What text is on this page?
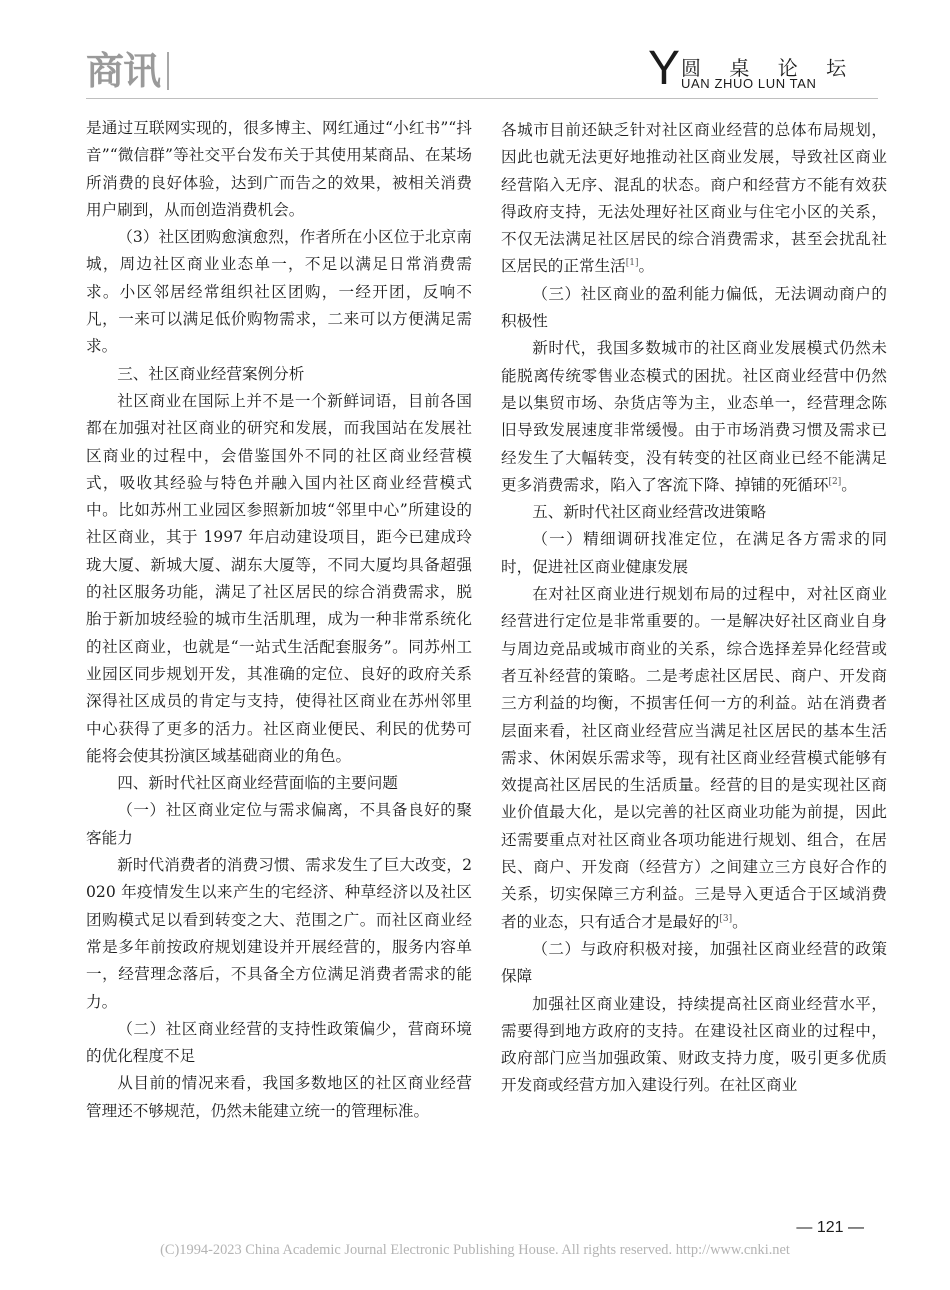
商讯	Y 圆 桌 论 坛
UAN ZHUO LUN TAN

是通过互联网实现的，很多博主、网红通过“小红书”“抖音”“微信群”等社交平台发布关于其使用某商品、在某场所消费的良好体验，达到广而告之的效果，被相关消费用户刷到，从而创造消费机会。

（3）社区团购愈演愈烈，作者所在小区位于北京南城，周边社区商业业态单一，不足以满足日常消费需求。小区邻居经常组织社区团购，一经开团，反响不凡，一来可以满足低价购物需求，二来可以方便满足需求。

三、社区商业经营案例分析

社区商业在国际上并不是一个新鲜词语，目前各国都在加强对社区商业的研究和发展，而我国站在发展社区商业的过程中，会借鉴国外不同的社区商业经营模式，吸收其经验与特色并融入国内社区商业经营模式中。比如苏州工业园区参照新加坡“邻里中心”所建设的社区商业，其于 1997 年启动建设项目，距今已建成玲珑大厦、新城大厦、湖东大厦等，不同大厦均具备超强的社区服务功能，满足了社区居民的综合消费需求，脱胎于新加坡经验的城市生活肌理，成为一种非常系统化的社区商业，也就是“一站式生活配套服务”。同苏州工业园区同步规划开发，其准确的定位、良好的政府关系深得社区成员的肯定与支持，使得社区商业在苏州邻里中心获得了更多的活力。社区商业便民、利民的优势可能将会使其扮演区域基础商业的角色。

四、新时代社区商业经营面临的主要问题

（一）社区商业定位与需求偏离，不具备良好的聚客能力

新时代消费者的消费习惯、需求发生了巨大改变，2020 年疫情发生以来产生的宅经济、种草经济以及社区团购模式足以看到转变之大、范围之广。而社区商业经常是多年前按政府规划建设并开展经营的，服务内容单一，经营理念落后，不具备全方位满足消费者需求的能力。

（二）社区商业经营的支持性政策偏少，营商环境的优化程度不足

从目前的情况来看，我国多数地区的社区商业经营管理还不够规范，仍然未能建立统一的管理标准。

各城市目前还缺乏针对社区商业经营的总体布局规划，因此也就无法更好地推动社区商业发展，导致社区商业经营陷入无序、混乱的状态。商户和经营方不能有效获得政府支持，无法处理好社区商业与住宅小区的关系，不仅无法满足社区居民的综合消费需求，甚至会扰乱社区居民的正常生活[1]。

（三）社区商业的盈利能力偏低，无法调动商户的积极性

新时代，我国多数城市的社区商业发展模式仍然未能脱离传统零售业态模式的困扰。社区商业经营中仍然是以集贸市场、杂货店等为主，业态单一，经营理念陈旧导致发展速度非常缓慢。由于市场消费习惯及需求已经发生了大幅转变，没有转变的社区商业已经不能满足更多消费需求，陷入了客流下降、掉铺的死循环[2]。

五、新时代社区商业经营改进策略

（一）精细调研找准定位，在满足各方需求的同时，促进社区商业健康发展

在对社区商业进行规划布局的过程中，对社区商业经营进行定位是非常重要的。一是解决好社区商业自身与周边竞品或城市商业的关系，综合选择差异化经营或者互补经营的策略。二是考虑社区居民、商户、开发商三方利益的均衡，不损害任何一方的利益。站在消费者层面来看，社区商业经营应当满足社区居民的基本生活需求、休闲娱乐需求等，现有社区商业经营模式能够有效提高社区居民的生活质量。经营的目的是实现社区商业价值最大化，是以完善的社区商业功能为前提，因此还需要重点对社区商业各项功能进行规划、组合，在居民、商户、开发商（经营方）之间建立三方良好合作的关系，切实保障三方利益。三是导入更适合于区域消费者的业态，只有适合才是最好的[3]。

（二）与政府积极对接，加强社区商业经营的政策保障

加强社区商业建设，持续提高社区商业经营水平，需要得到地方政府的支持。在建设社区商业的过程中，政府部门应当加强政策、财政支持力度，吸引更多优质开发商或经营方加入建设行列。在社区商业

— 121 —
(C)1994-2023 China Academic Journal Electronic Publishing House. All rights reserved. http://www.cnki.net
